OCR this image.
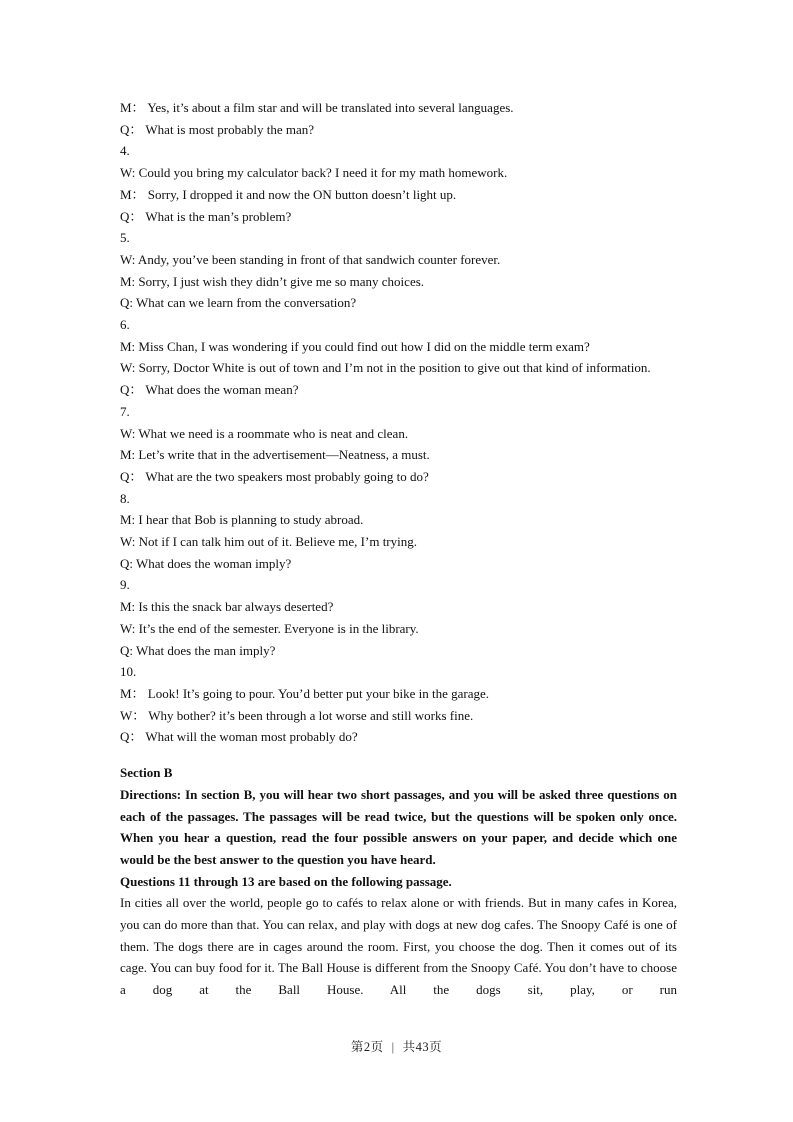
M： Yes, it’s about a film star and will be translated into several languages.

Q： What is most probably the man?

4.

W: Could you bring my calculator back? I need it for my math homework.

M： Sorry, I dropped it and now the ON button doesn’t light up.

Q： What is the man’s problem?

5.

W: Andy, you’ve been standing in front of that sandwich counter forever.

M: Sorry, I just wish they didn’t give me so many choices.

Q: What can we learn from the conversation?

6.

M: Miss Chan, I was wondering if you could find out how I did on the middle term exam?

W: Sorry, Doctor White is out of town and I’m not in the position to give out that kind of information.

Q： What does the woman mean?

7.

W: What we need is a roommate who is neat and clean.

M: Let’s write that in the advertisement—Neatness, a must.

Q： What are the two speakers most probably going to do?

8.

M: I hear that Bob is planning to study abroad.

W: Not if I can talk him out of it. Believe me, I’m trying.

Q: What does the woman imply?

9.

M: Is this the snack bar always deserted?

W: It’s the end of the semester. Everyone is in the library.

Q: What does the man imply?

10.

M： Look! It’s going to pour. You’d better put your bike in the garage.

W： Why bother? it’s been through a lot worse and still works fine.

Q： What will the woman most probably do?

Section B

Directions: In section B, you will hear two short passages, and you will be asked three questions on each of the passages. The passages will be read twice, but the questions will be spoken only once. When you hear a question, read the four possible answers on your paper, and decide which one would be the best answer to the question you have heard.

Questions 11 through 13 are based on the following passage.

In cities all over the world, people go to cafés to relax alone or with friends. But in many cafes in Korea, you can do more than that. You can relax, and play with dogs at new dog cafes. The Snoopy Café is one of them. The dogs there are in cages around the room. First, you choose the dog. Then it comes out of its cage. You can buy food for it. The Ball House is different from the Snoopy Café. You don’t have to choose a dog at the Ball House. All the dogs sit, play, or run

第2页 | 共43页
